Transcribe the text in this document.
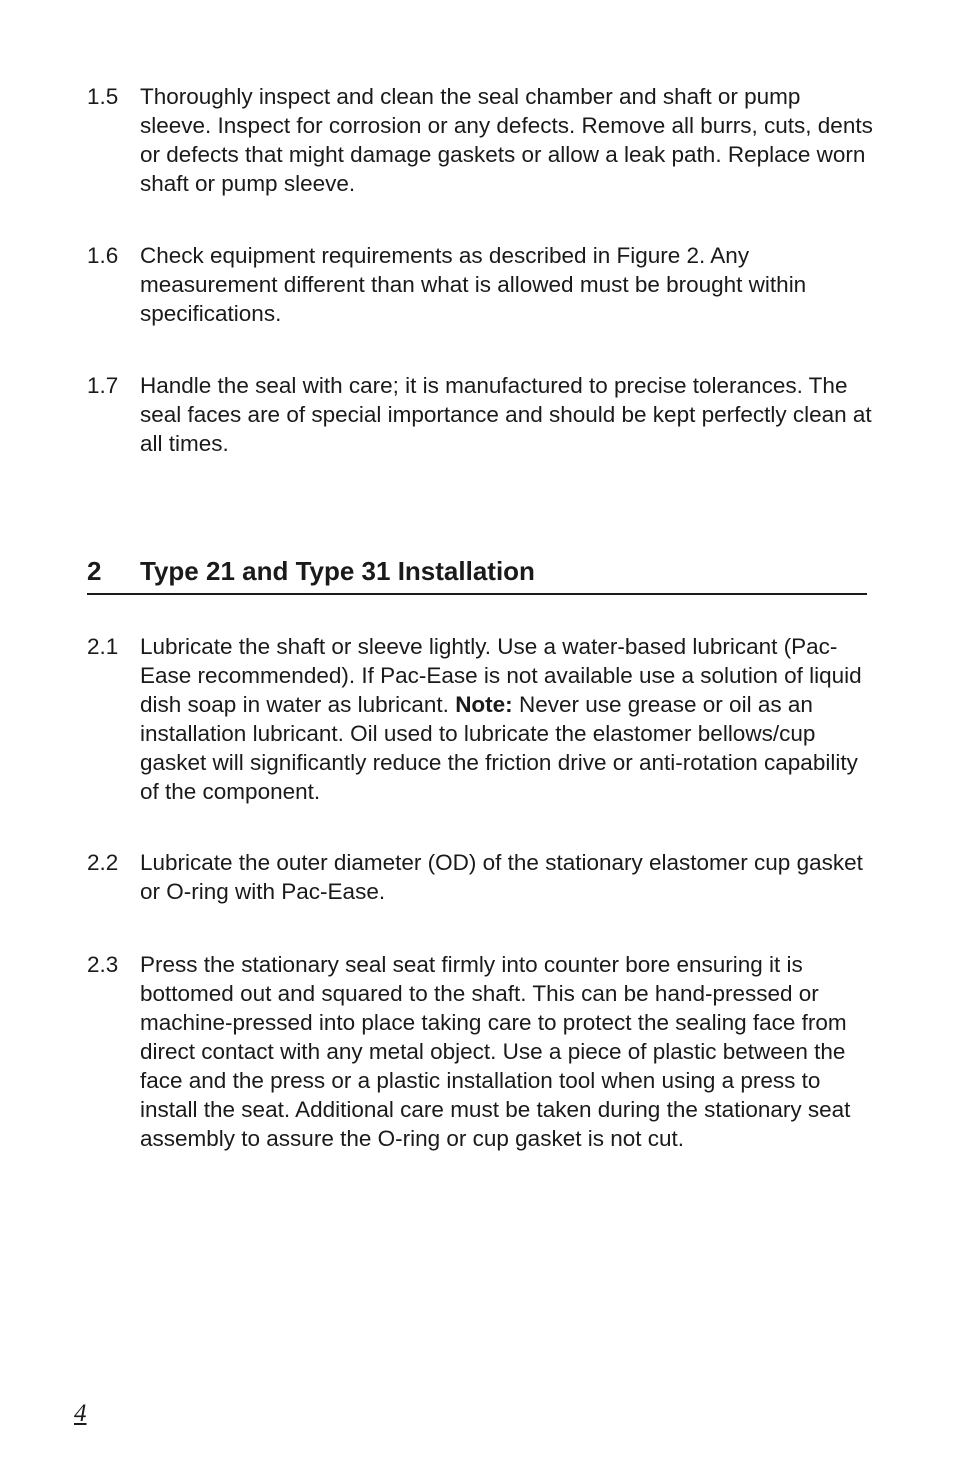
1.5 Thoroughly inspect and clean the seal chamber and shaft or pump sleeve. Inspect for corrosion or any defects. Remove all burrs, cuts, dents or defects that might damage gaskets or allow a leak path. Replace worn shaft or pump sleeve.
1.6 Check equipment requirements as described in Figure 2. Any measurement different than what is allowed must be brought within specifications.
1.7 Handle the seal with care; it is manufactured to precise tolerances. The seal faces are of special importance and should be kept perfectly clean at all times.
2 Type 21 and Type 31 Installation
2.1 Lubricate the shaft or sleeve lightly. Use a water-based lubricant (Pac-Ease recommended). If Pac-Ease is not available use a solution of liquid dish soap in water as lubricant. Note: Never use grease or oil as an installation lubricant. Oil used to lubricate the elastomer bellows/cup gasket will significantly reduce the friction drive or anti-rotation capability of the component.
2.2 Lubricate the outer diameter (OD) of the stationary elastomer cup gasket or O-ring with Pac-Ease.
2.3 Press the stationary seal seat firmly into counter bore ensuring it is bottomed out and squared to the shaft. This can be hand-pressed or machine-pressed into place taking care to protect the sealing face from direct contact with any metal object. Use a piece of plastic between the face and the press or a plastic installation tool when using a press to install the seat. Additional care must be taken during the stationary seat assembly to assure the O-ring or cup gasket is not cut.
4
